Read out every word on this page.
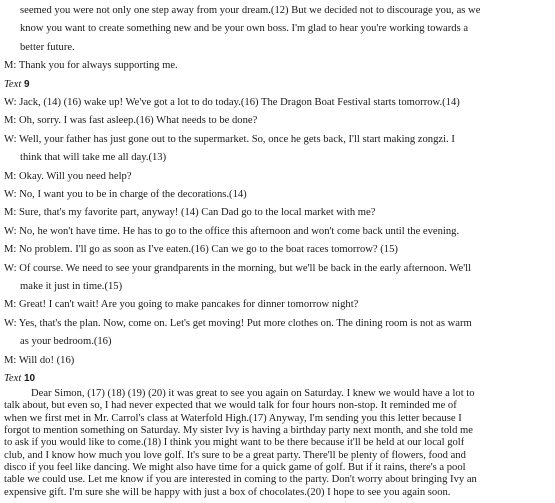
seemed you were not only one step away from your dream.(12) But we decided not to discourage you, as we
know you want to create something new and be your own boss. I'm glad to hear you're working towards a
better future.
M: Thank you for always supporting me.
Text 9
W: Jack, (14) (16) wake up! We've got a lot to do today.(16) The Dragon Boat Festival starts tomorrow.(14)
M: Oh, sorry. I was fast asleep.(16) What needs to be done?
W: Well, your father has just gone out to the supermarket. So, once he gets back, I'll start making zongzi. I
think that will take me all day.(13)
M: Okay. Will you need help?
W: No, I want you to be in charge of the decorations.(14)
M: Sure, that's my favorite part, anyway! (14) Can Dad go to the local market with me?
W: No, he won't have time. He has to go to the office this afternoon and won't come back until the evening.
M: No problem. I'll go as soon as I've eaten.(16) Can we go to the boat races tomorrow? (15)
W: Of course. We need to see your grandparents in the morning, but we'll be back in the early afternoon. We'll
make it just in time.(15)
M: Great! I can't wait! Are you going to make pancakes for dinner tomorrow night?
W: Yes, that's the plan. Now, come on. Let's get moving! Put more clothes on. The dining room is not as warm
as your bedroom.(16)
M: Will do! (16)
Text 10
Dear Simon, (17) (18) (19) (20) it was great to see you again on Saturday. I knew we would have a lot to
talk about, but even so, I had never expected that we would talk for four hours non-stop. It reminded me of
when we first met in Mr. Carrol's class at Waterfold High.(17) Anyway, I'm sending you this letter because I
forgot to mention something on Saturday. My sister Ivy is having a birthday party next month, and she told me
to ask if you would like to come.(18) I think you might want to be there because it'll be held at our local golf
club, and I know how much you love golf. It's sure to be a great party. There'll be plenty of flowers, food and
disco if you feel like dancing. We might also have time for a quick game of golf. But if it rains, there's a pool
table we could use. Let me know if you are interested in coming to the party. Don't worry about bringing Ivy an
expensive gift. I'm sure she will be happy with just a box of chocolates.(20) I hope to see you again soon.
